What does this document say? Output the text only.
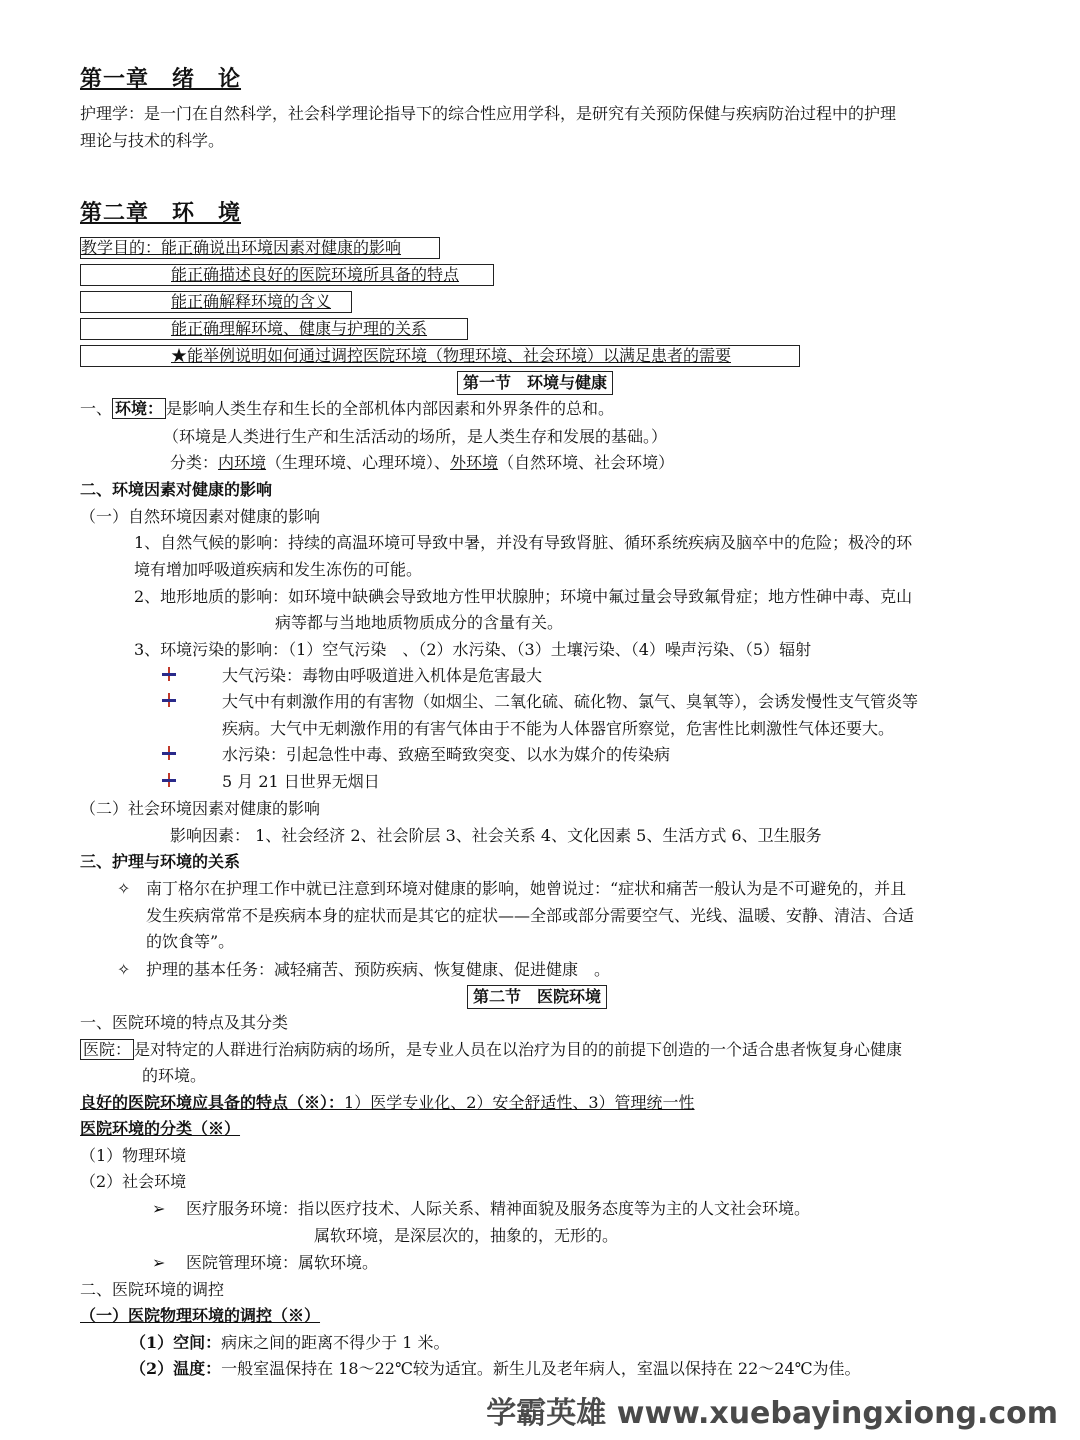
第一章　绪　论
护理学：是一门在自然科学，社会科学理论指导下的综合性应用学科，是研究有关预防保健与疾病防治过程中的护理
理论与技术的科学。
第二章　环　境
教学目的：能正确说出环境因素对健康的影响
能正确描述良好的医院环境所具备的特点
能正确解释环境的含义
能正确理解环境、健康与护理的关系
★能举例说明如何通过调控医院环境（物理环境、社会环境）以满足患者的需要
第一节　环境与健康
一、 环境： 是影响人类生存和生长的全部机体内部因素和外界条件的总和。
（环境是人类进行生产和生活活动的场所，是人类生存和发展的基础。）
分类：内环境（生理环境、心理环境）、外环境（自然环境、社会环境）
二、环境因素对健康的影响
（一）自然环境因素对健康的影响
1、自然气候的影响：持续的高温环境可导致中暑，并没有导致肾脏、循环系统疾病及脑卒中的危险；极冷的环
境有增加呼吸道疾病和发生冻伤的可能。
2、地形地质的影响：如环境中缺碘会导致地方性甲状腺肿；环境中氟过量会导致氟骨症；地方性砷中毒、克山
病等都与当地地质物质成分的含量有关。
3、环境污染的影响：（1）空气污染　、（2）水污染、（3）土壤污染、（4）噪声污染、（5）辐射
大气污染：毒物由呼吸道进入机体是危害最大
大气中有刺激作用的有害物（如烟尘、二氧化硫、硫化物、氯气、臭氧等），会诱发慢性支气管炎等
疾病。大气中无刺激作用的有害气体由于不能为人体器官所察觉，危害性比刺激性气体还要大。
水污染：引起急性中毒、致癌至畸致突变、以水为媒介的传染病
5 月 21 日世界无烟日
（二）社会环境因素对健康的影响
影响因素： 1、社会经济 2、社会阶层 3、社会关系 4、文化因素 5、生活方式 6、卫生服务
三、护理与环境的关系
✧ 南丁格尔在护理工作中就已注意到环境对健康的影响，她曾说过：“症状和痛苦一般认为是不可避免的，并且
发生疾病常常不是疾病本身的症状而是其它的症状——全部或部分需要空气、光线、温暖、安静、清洁、合适
的饮食等”。
✧ 护理的基本任务：减轻痛苦、预防疾病、恢复健康、促进健康　。
第二节　医院环境
一、医院环境的特点及其分类
医院： 是对特定的人群进行治病防病的场所，是专业人员在以治疗为目的的前提下创造的一个适合患者恢复身心健康
的环境。
良好的医院环境应具备的特点（※）：1）医学专业化、2）安全舒适性、3）管理统一性
医院环境的分类（※）
（1）物理环境
（2）社会环境
➢ 医疗服务环境：指以医疗技术、人际关系、精神面貌及服务态度等为主的人文社会环境。
属软环境，是深层次的，抽象的，无形的。
➢ 医院管理环境：属软环境。
二、医院环境的调控
（一）医院物理环境的调控（※）
（1）空间：病床之间的距离不得少于 1 米。
（2）温度：一般室温保持在 18～22℃较为适宜。新生儿及老年病人，室温以保持在 22～24℃为佳。
学霸英雄 www.xuebayingxiong.com
